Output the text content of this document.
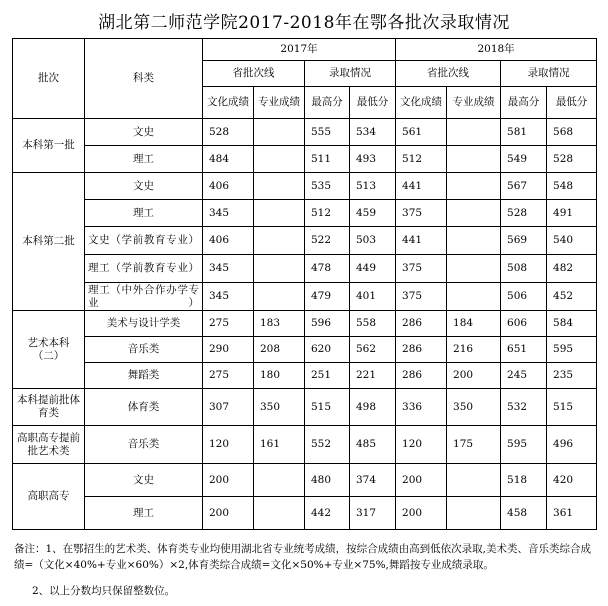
湖北第二师范学院2017-2018年在鄂各批次录取情况
批次	科类	2017年				2018年			
		省批次线		录取情况		省批次线		录取情况	
		文化成绩	专业成绩	最高分	最低分	文化成绩	专业成绩	最高分	最低分
本科第一批	文史	528		555	534	561		581	568
	理工	484		511	493	512		549	528
本科第二批	文史	406		535	513	441		567	548
	理工	345		512	459	375		528	491
	文史（学前教育专业）	406		522	503	441		569	540
	理工（学前教育专业）	345		478	449	375		508	482
	理工（中外合作办学专业）	345		479	401	375		506	452
艺术本科（二）	美术与设计学类	275	183	596	558	286	184	606	584
	音乐类	290	208	620	562	286	216	651	595
	舞蹈类	275	180	251	221	286	200	245	235
本科提前批体育类	体育类	307	350	515	498	336	350	532	515
高职高专提前批艺术类	音乐类	120	161	552	485	120	175	595	496
高职高专	文史	200		480	374	200		518	420
	理工	200		442	317	200		458	361

备注：1、在鄂招生的艺术类、体育类专业均使用湖北省专业统考成绩，按综合成绩由高到低依次录取,美术类、音乐类综合成绩=（文化×40%+专业×60%）×2,体育类综合成绩=文化×50%+专业×75%,舞蹈按专业成绩录取。

2、以上分数均只保留整数位。
